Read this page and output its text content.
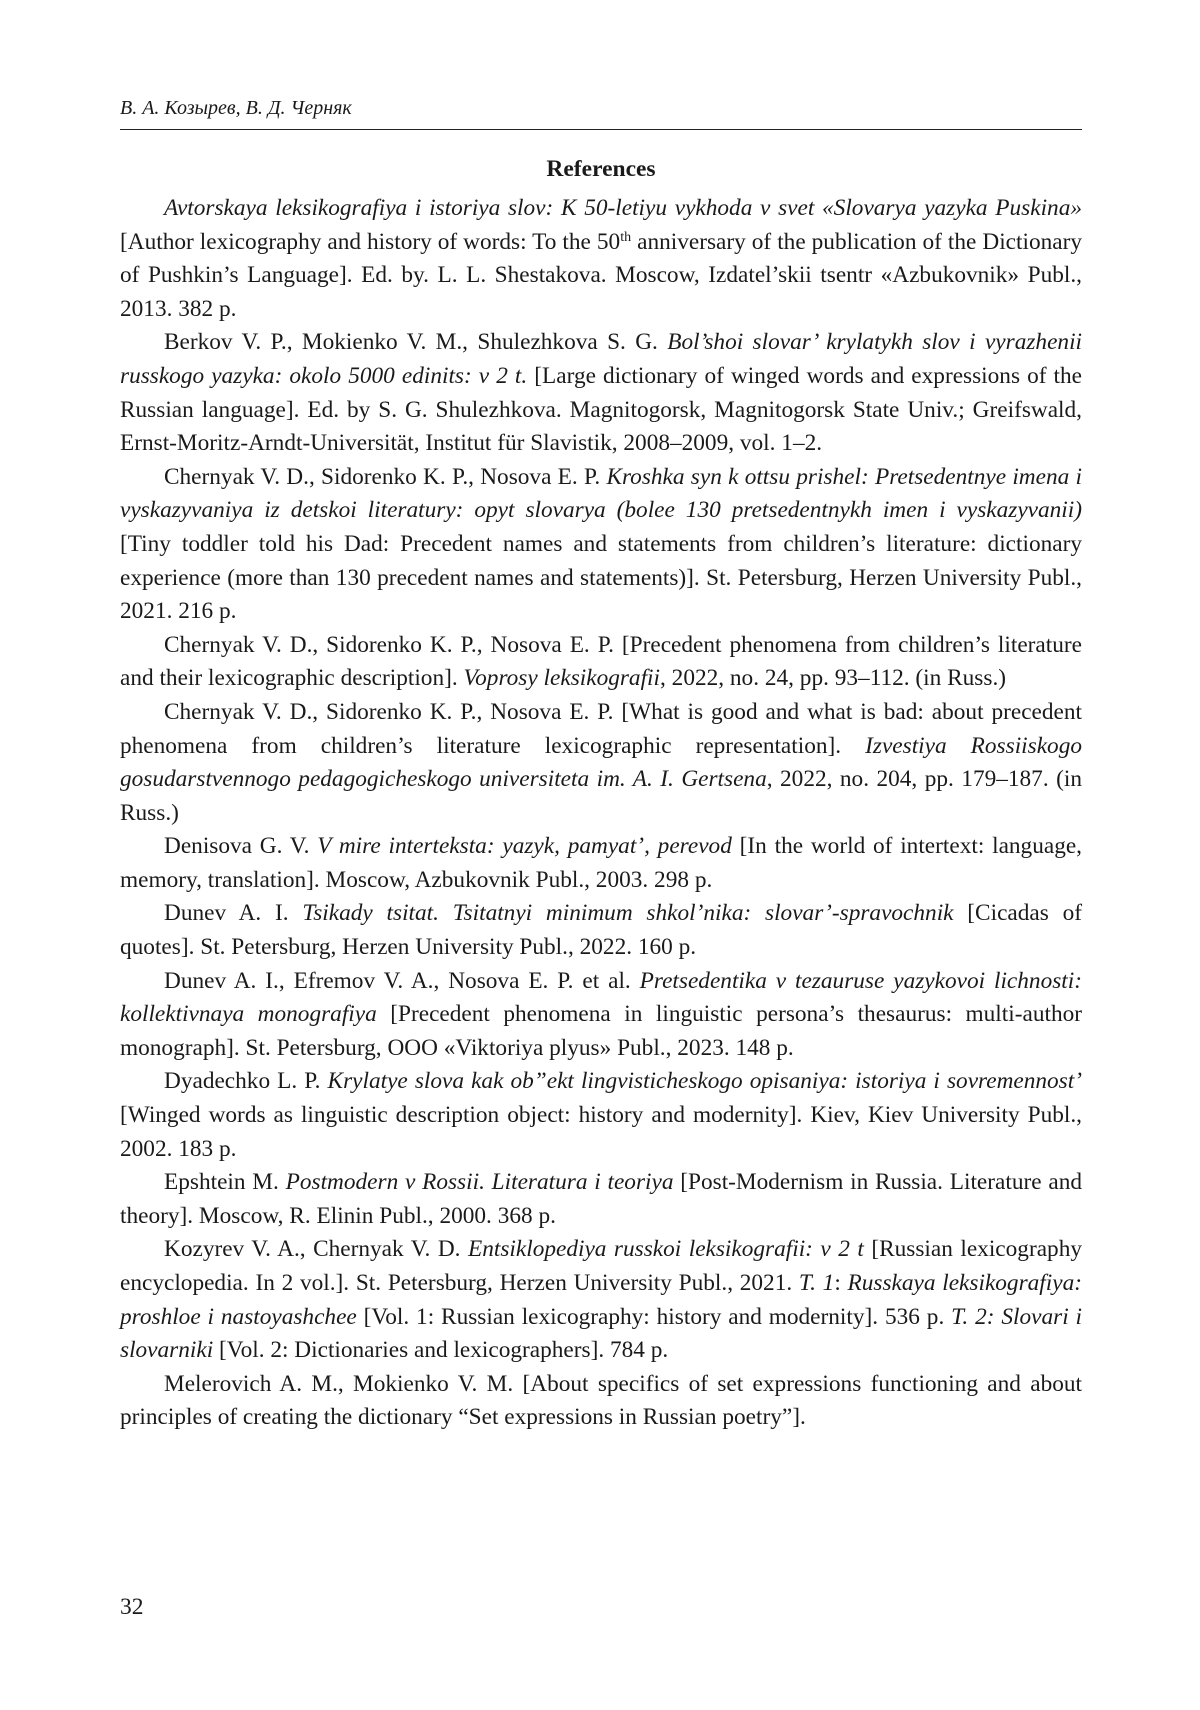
В. А. Козырев, В. Д. Черняк
References

Avtorskaya leksikografiya i istoriya slov: K 50-letiyu vykhoda v svet «Slovarya yazyka Puskina» [Author lexicography and history of words: To the 50th anniversary of the publication of the Dictionary of Pushkin’s Language]. Ed. by. L. L. Shestakova. Moscow, Izdatel’skii tsentr «Azbukovnik» Publ., 2013. 382 p.

Berkov V. P., Mokienko V. M., Shulezhkova S. G. Bol’shoi slovar’ krylatykh slov i vyrazhenii russkogo yazyka: okolo 5000 edinits: v 2 t. [Large dictionary of winged words and expressions of the Russian language]. Ed. by S. G. Shulezhkova. Magnitogorsk, Magnitogorsk State Univ.; Greifswald, Ernst-Moritz-Arndt-Universität, Institut für Slavistik, 2008–2009, vol. 1–2.

Chernyak V. D., Sidorenko K. P., Nosova E. P. Kroshka syn k ottsu prishel: Pretsedentnye imena i vyskazyvaniya iz detskoi literatury: opyt slovarya (bolee 130 pretsedentnykh imen i vyskazyvanii) [Tiny toddler told his Dad: Precedent names and statements from children’s literature: dictionary experience (more than 130 precedent names and statements)]. St. Petersburg, Herzen University Publ., 2021. 216 p.

Chernyak V. D., Sidorenko K. P., Nosova E. P. [Precedent phenomena from children’s literature and their lexicographic description]. Voprosy leksikografii, 2022, no. 24, pp. 93–112. (in Russ.)

Chernyak V. D., Sidorenko K. P., Nosova E. P. [What is good and what is bad: about precedent phenomena from children’s literature lexicographic representation]. Izvestiya Rossiiskogo gosudarstvennogo pedagogicheskogo universiteta im. A. I. Gertsena, 2022, no. 204, pp. 179–187. (in Russ.)

Denisova G. V. V mire interteksta: yazyk, pamyat’, perevod [In the world of intertext: language, memory, translation]. Moscow, Azbukovnik Publ., 2003. 298 p.

Dunev A. I. Tsikady tsitat. Tsitatnyi minimum shkol’nika: slovar’-spravochnik [Cicadas of quotes]. St. Petersburg, Herzen University Publ., 2022. 160 p.

Dunev A. I., Efremov V. A., Nosova E. P. et al. Pretsedentika v tezauruse yazykovoi lichnosti: kollektivnaya monografiya [Precedent phenomena in linguistic persona’s thesaurus: multi-author monograph]. St. Petersburg, OOO «Viktoriya plyus» Publ., 2023. 148 p.

Dyadechko L. P. Krylatye slova kak ob”ekt lingvisticheskogo opisaniya: istoriya i sovremennost’ [Winged words as linguistic description object: history and modernity]. Kiev, Kiev University Publ., 2002. 183 p.

Epshtein M. Postmodern v Rossii. Literatura i teoriya [Post-Modernism in Russia. Literature and theory]. Moscow, R. Elinin Publ., 2000. 368 p.

Kozyrev V. A., Chernyak V. D. Entsiklopediya russkoi leksikografii: v 2 t [Russian lexicography encyclopedia. In 2 vol.]. St. Petersburg, Herzen University Publ., 2021. T. 1: Russkaya leksikografiya: proshloe i nastoyashchee [Vol. 1: Russian lexicography: history and modernity]. 536 p. T. 2: Slovari i slovarniki [Vol. 2: Dictionaries and lexicographers]. 784 p.

Melerovich A. M., Mokienko V. M. [About specifics of set expressions functioning and about principles of creating the dictionary “Set expressions in Russian poetry”].

32
